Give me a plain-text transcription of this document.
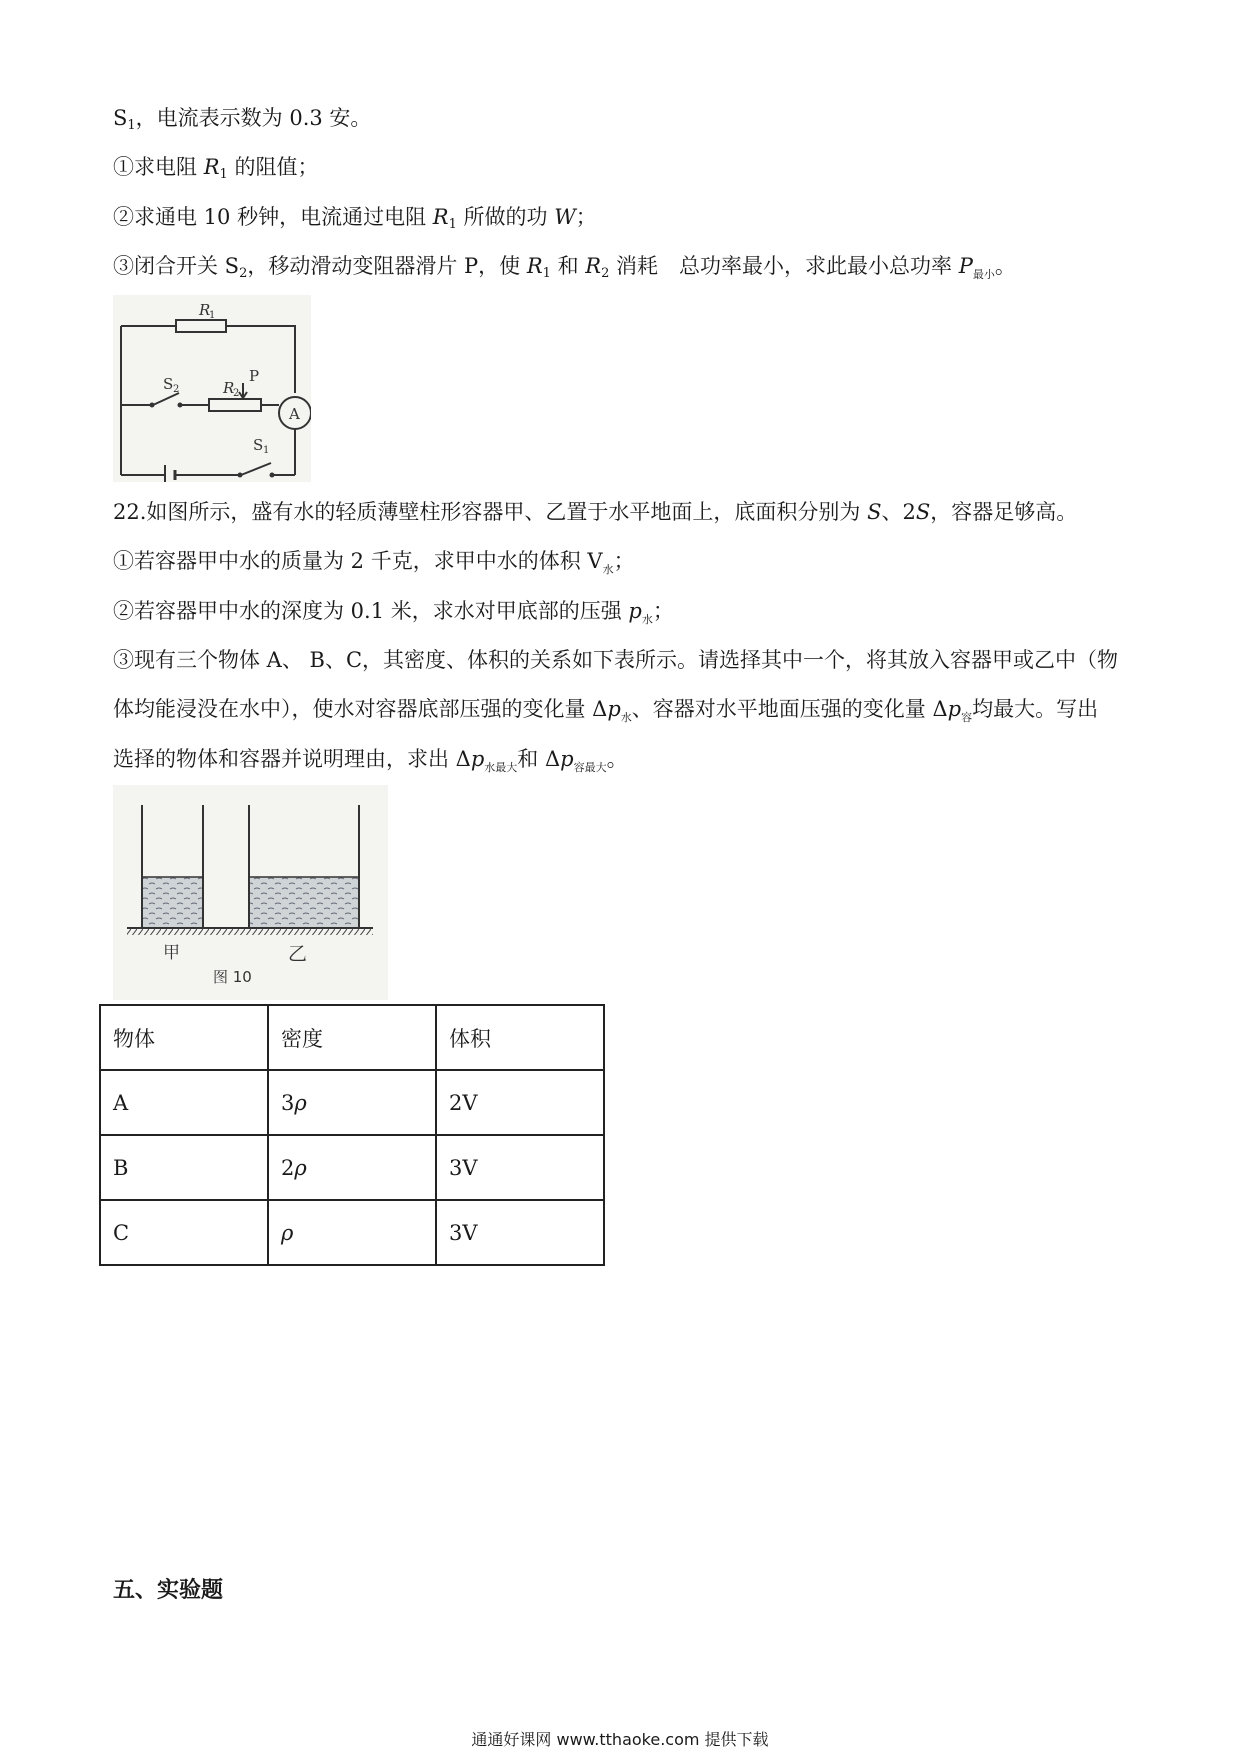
$S_1$，电流表示数为 0.3 安。
①求电阻 $R_1$ 的阻值；
②求通电 10 秒钟，电流通过电阻 $R_1$ 所做的功 W；
③闭合开关 $S_2$，移动滑动变阻器滑片 P，使 $R_1$ 和 $R_2$ 消耗　总功率最小，求此最小总功率 $P_{最小}$。
R
1
R
2
P
S 2
S 1
A
22.如图所示，盛有水的轻质薄壁柱形容器甲、乙置于水平地面上，底面积分别为 S、2S，容器足够高。
①若容器甲中水的质量为 2 千克，求甲中水的体积 $V_水$；
②若容器甲中水的深度为 0.1 米，求水对甲底部的压强 $p_水$；
③现有三个物体 A、 B、C，其密度、体积的关系如下表所示。请选择其中一个，将其放入容器甲或乙中（物
体均能浸没在水中），使水对容器底部压强的变化量 $\Delta p_水$、容器对水平地面压强的变化量 $\Delta p_容$均最大。写出
选择的物体和容器并说明理由，求出 $\Delta p_{水最大}$和 $\Delta p_{容最大}$。
甲	乙
图 10
物体	密度	体积
A	3ρ	2V
B	2ρ	3V
C	ρ	3V
五、实验题
通通好课网 www.tthaoke.com 提供下载
